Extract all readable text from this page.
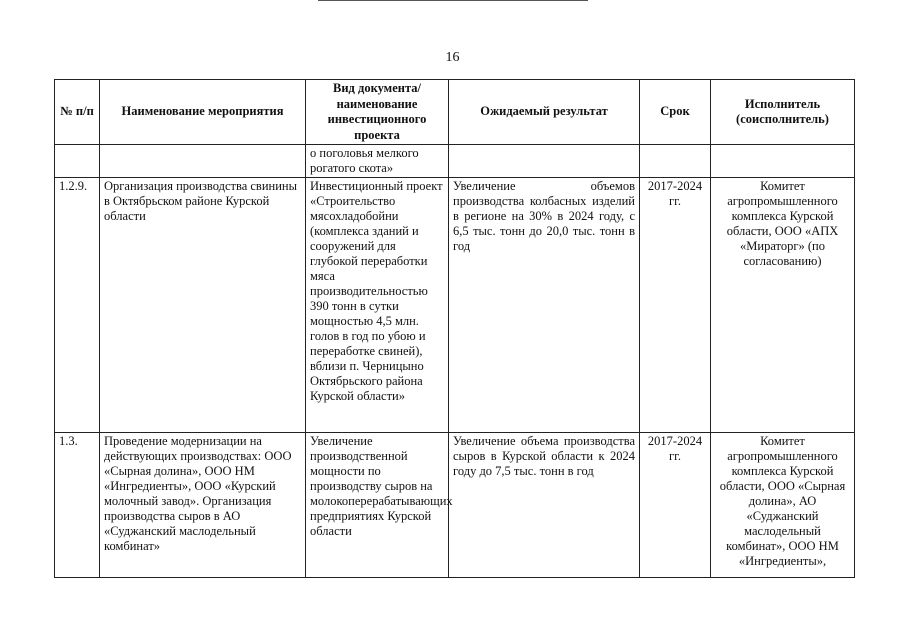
16
№ п/п	Наименование мероприятия	Вид документа/ наименование инвестиционного проекта	Ожидаемый результат	Срок	Исполнитель (соисполнитель)
		о поголовья мелкого рогатого скота»			
1.2.9.	Организация производства свинины в Октябрьском районе Курской области	Инвестиционный проект «Строительство мясохладобойни (комплекса зданий и сооружений для глубокой переработки мяса производительностью 390 тонн в сутки мощностью 4,5 млн. голов в год по убою и переработке свиней), вблизи п. Черницыно Октябрьского района Курской области»	Увеличение объемов производства колбасных изделий в регионе на 30% в 2024 году, с 6,5 тыс. тонн до 20,0 тыс. тонн в год	2017-2024 гг.	Комитет агропромышленного комплекса Курской области, ООО «АПХ «Мираторг» (по согласованию)
1.3.	Проведение модернизации на действующих производствах: ООО «Сырная долина», ООО НМ «Ингредиенты», ООО «Курский молочный завод». Организация производства сыров в АО «Суджанский маслодельный комбинат»	Увеличение производственной мощности по производству сыров на молокоперерабатывающих предприятиях Курской области	Увеличение объема производства сыров в Курской области к 2024 году до 7,5 тыс. тонн в год	2017-2024 гг.	Комитет агропромышленного комплекса Курской области, ООО «Сырная долина», АО «Суджанский маслодельный комбинат», ООО НМ «Ингредиенты»,
